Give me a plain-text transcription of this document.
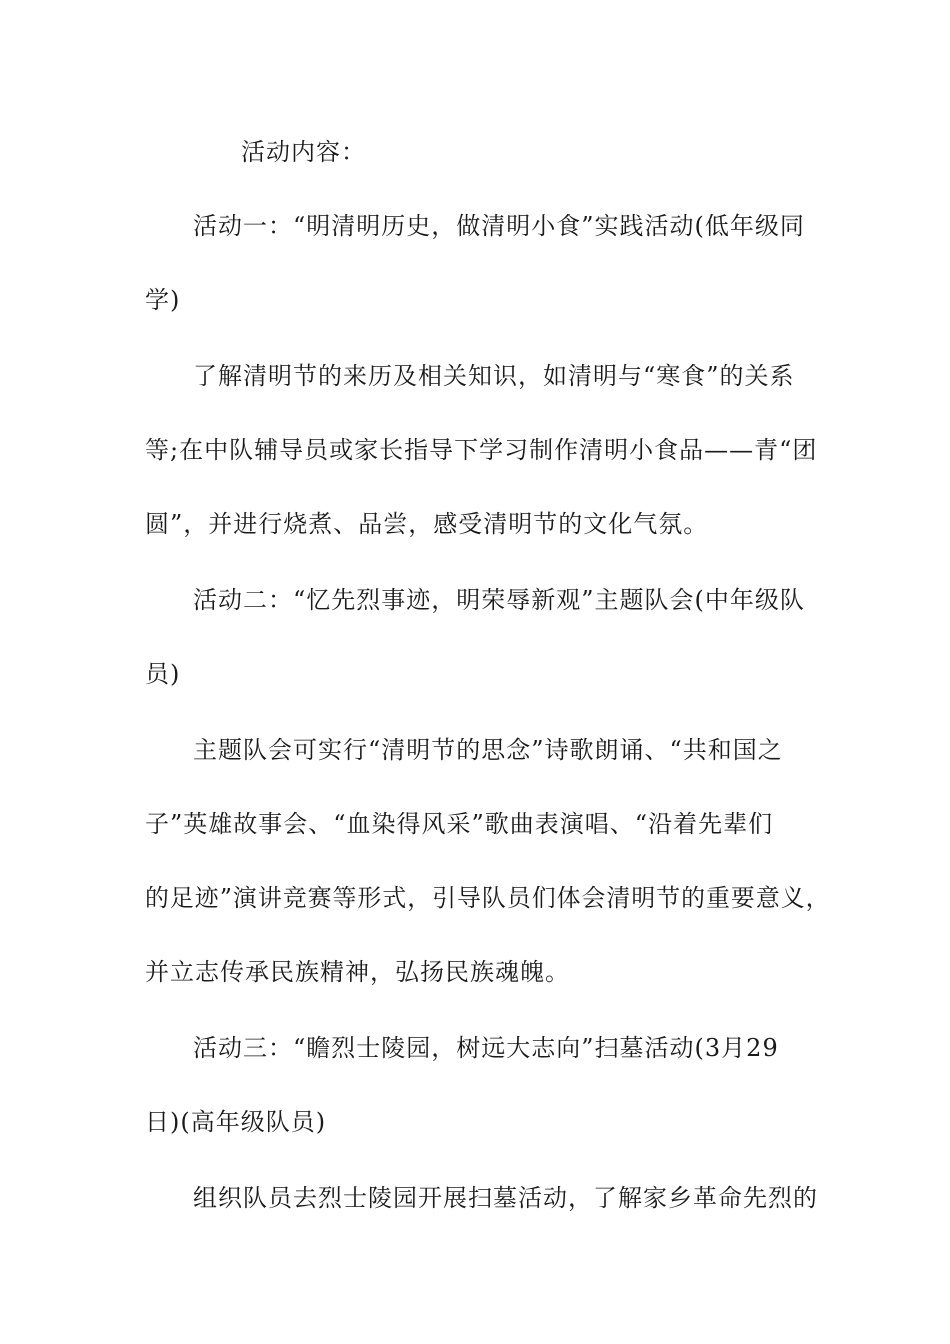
活动内容：
活动一：“明清明历史，做清明小食”实践活动(低年级同
学)
了解清明节的来历及相关知识，如清明与“寒食”的关系
等;在中队辅导员或家长指导下学习制作清明小食品——青“团
圆”，并进行烧煮、品尝，感受清明节的文化气氛。
活动二：“忆先烈事迹，明荣辱新观”主题队会(中年级队
员)
主题队会可实行“清明节的思念”诗歌朗诵、“共和国之
子”英雄故事会、“血染得风采”歌曲表演唱、“沿着先辈们
的足迹”演讲竞赛等形式，引导队员们体会清明节的重要意义，
并立志传承民族精神，弘扬民族魂魄。
活动三：“瞻烈士陵园，树远大志向”扫墓活动(3月29
日)(高年级队员)
组织队员去烈士陵园开展扫墓活动，了解家乡革命先烈的
